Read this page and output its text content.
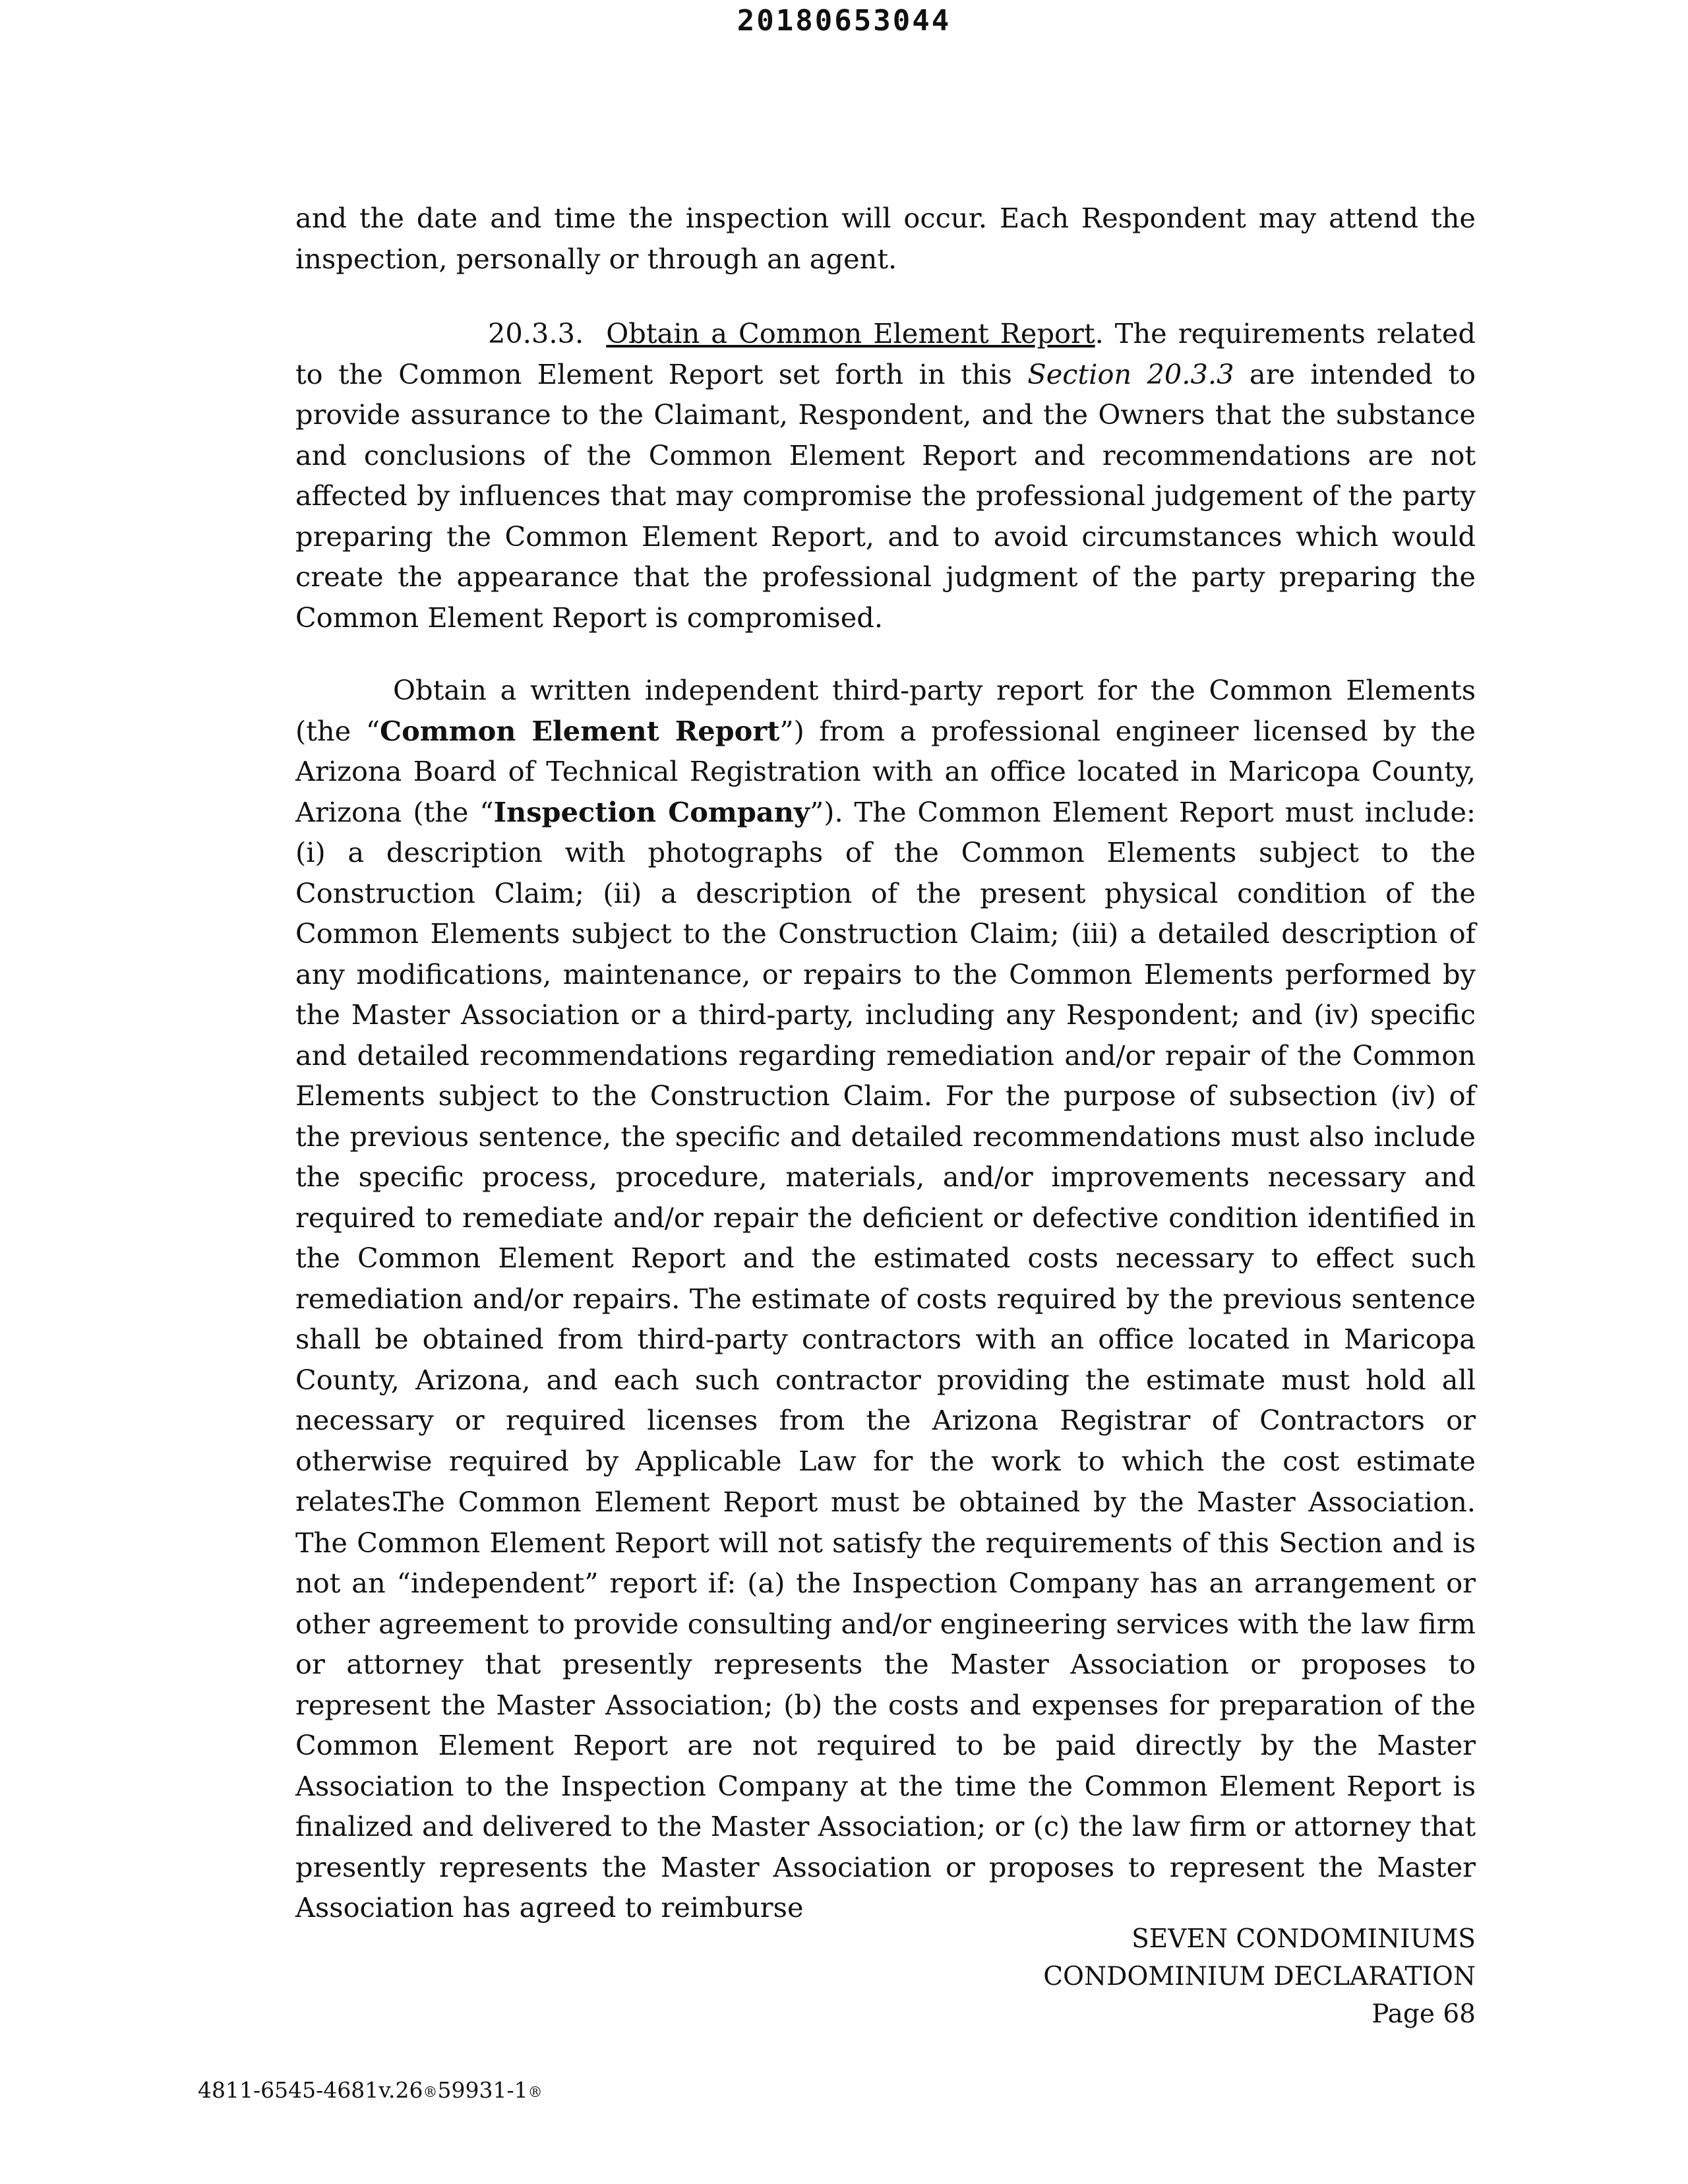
20180653044

and the date and time the inspection will occur. Each Respondent may attend the inspection, personally or through an agent.

20.3.3. Obtain a Common Element Report. The requirements related to the Common Element Report set forth in this Section 20.3.3 are intended to provide assurance to the Claimant, Respondent, and the Owners that the substance and conclusions of the Common Element Report and recommendations are not affected by influences that may compromise the professional judgement of the party preparing the Common Element Report, and to avoid circumstances which would create the appearance that the professional judgment of the party preparing the Common Element Report is compromised.

Obtain a written independent third-party report for the Common Elements (the “Common Element Report”) from a professional engineer licensed by the Arizona Board of Technical Registration with an office located in Maricopa County, Arizona (the “Inspection Company”). The Common Element Report must include: (i) a description with photographs of the Common Elements subject to the Construction Claim; (ii) a description of the present physical condition of the Common Elements subject to the Construction Claim; (iii) a detailed description of any modifications, maintenance, or repairs to the Common Elements performed by the Master Association or a third-party, including any Respondent; and (iv) specific and detailed recommendations regarding remediation and/or repair of the Common Elements subject to the Construction Claim. For the purpose of subsection (iv) of the previous sentence, the specific and detailed recommendations must also include the specific process, procedure, materials, and/or improvements necessary and required to remediate and/or repair the deficient or defective condition identified in the Common Element Report and the estimated costs necessary to effect such remediation and/or repairs. The estimate of costs required by the previous sentence shall be obtained from third-party contractors with an office located in Maricopa County, Arizona, and each such contractor providing the estimate must hold all necessary or required licenses from the Arizona Registrar of Contractors or otherwise required by Applicable Law for the work to which the cost estimate relates.

The Common Element Report must be obtained by the Master Association. The Common Element Report will not satisfy the requirements of this Section and is not an “independent” report if: (a) the Inspection Company has an arrangement or other agreement to provide consulting and/or engineering services with the law firm or attorney that presently represents the Master Association or proposes to represent the Master Association; (b) the costs and expenses for preparation of the Common Element Report are not required to be paid directly by the Master Association to the Inspection Company at the time the Common Element Report is finalized and delivered to the Master Association; or (c) the law firm or attorney that presently represents the Master Association or proposes to represent the Master Association has agreed to reimburse

SEVEN CONDOMINIUMS
CONDOMINIUM DECLARATION
Page 68
4811-6545-4681v.26®59931-1®
